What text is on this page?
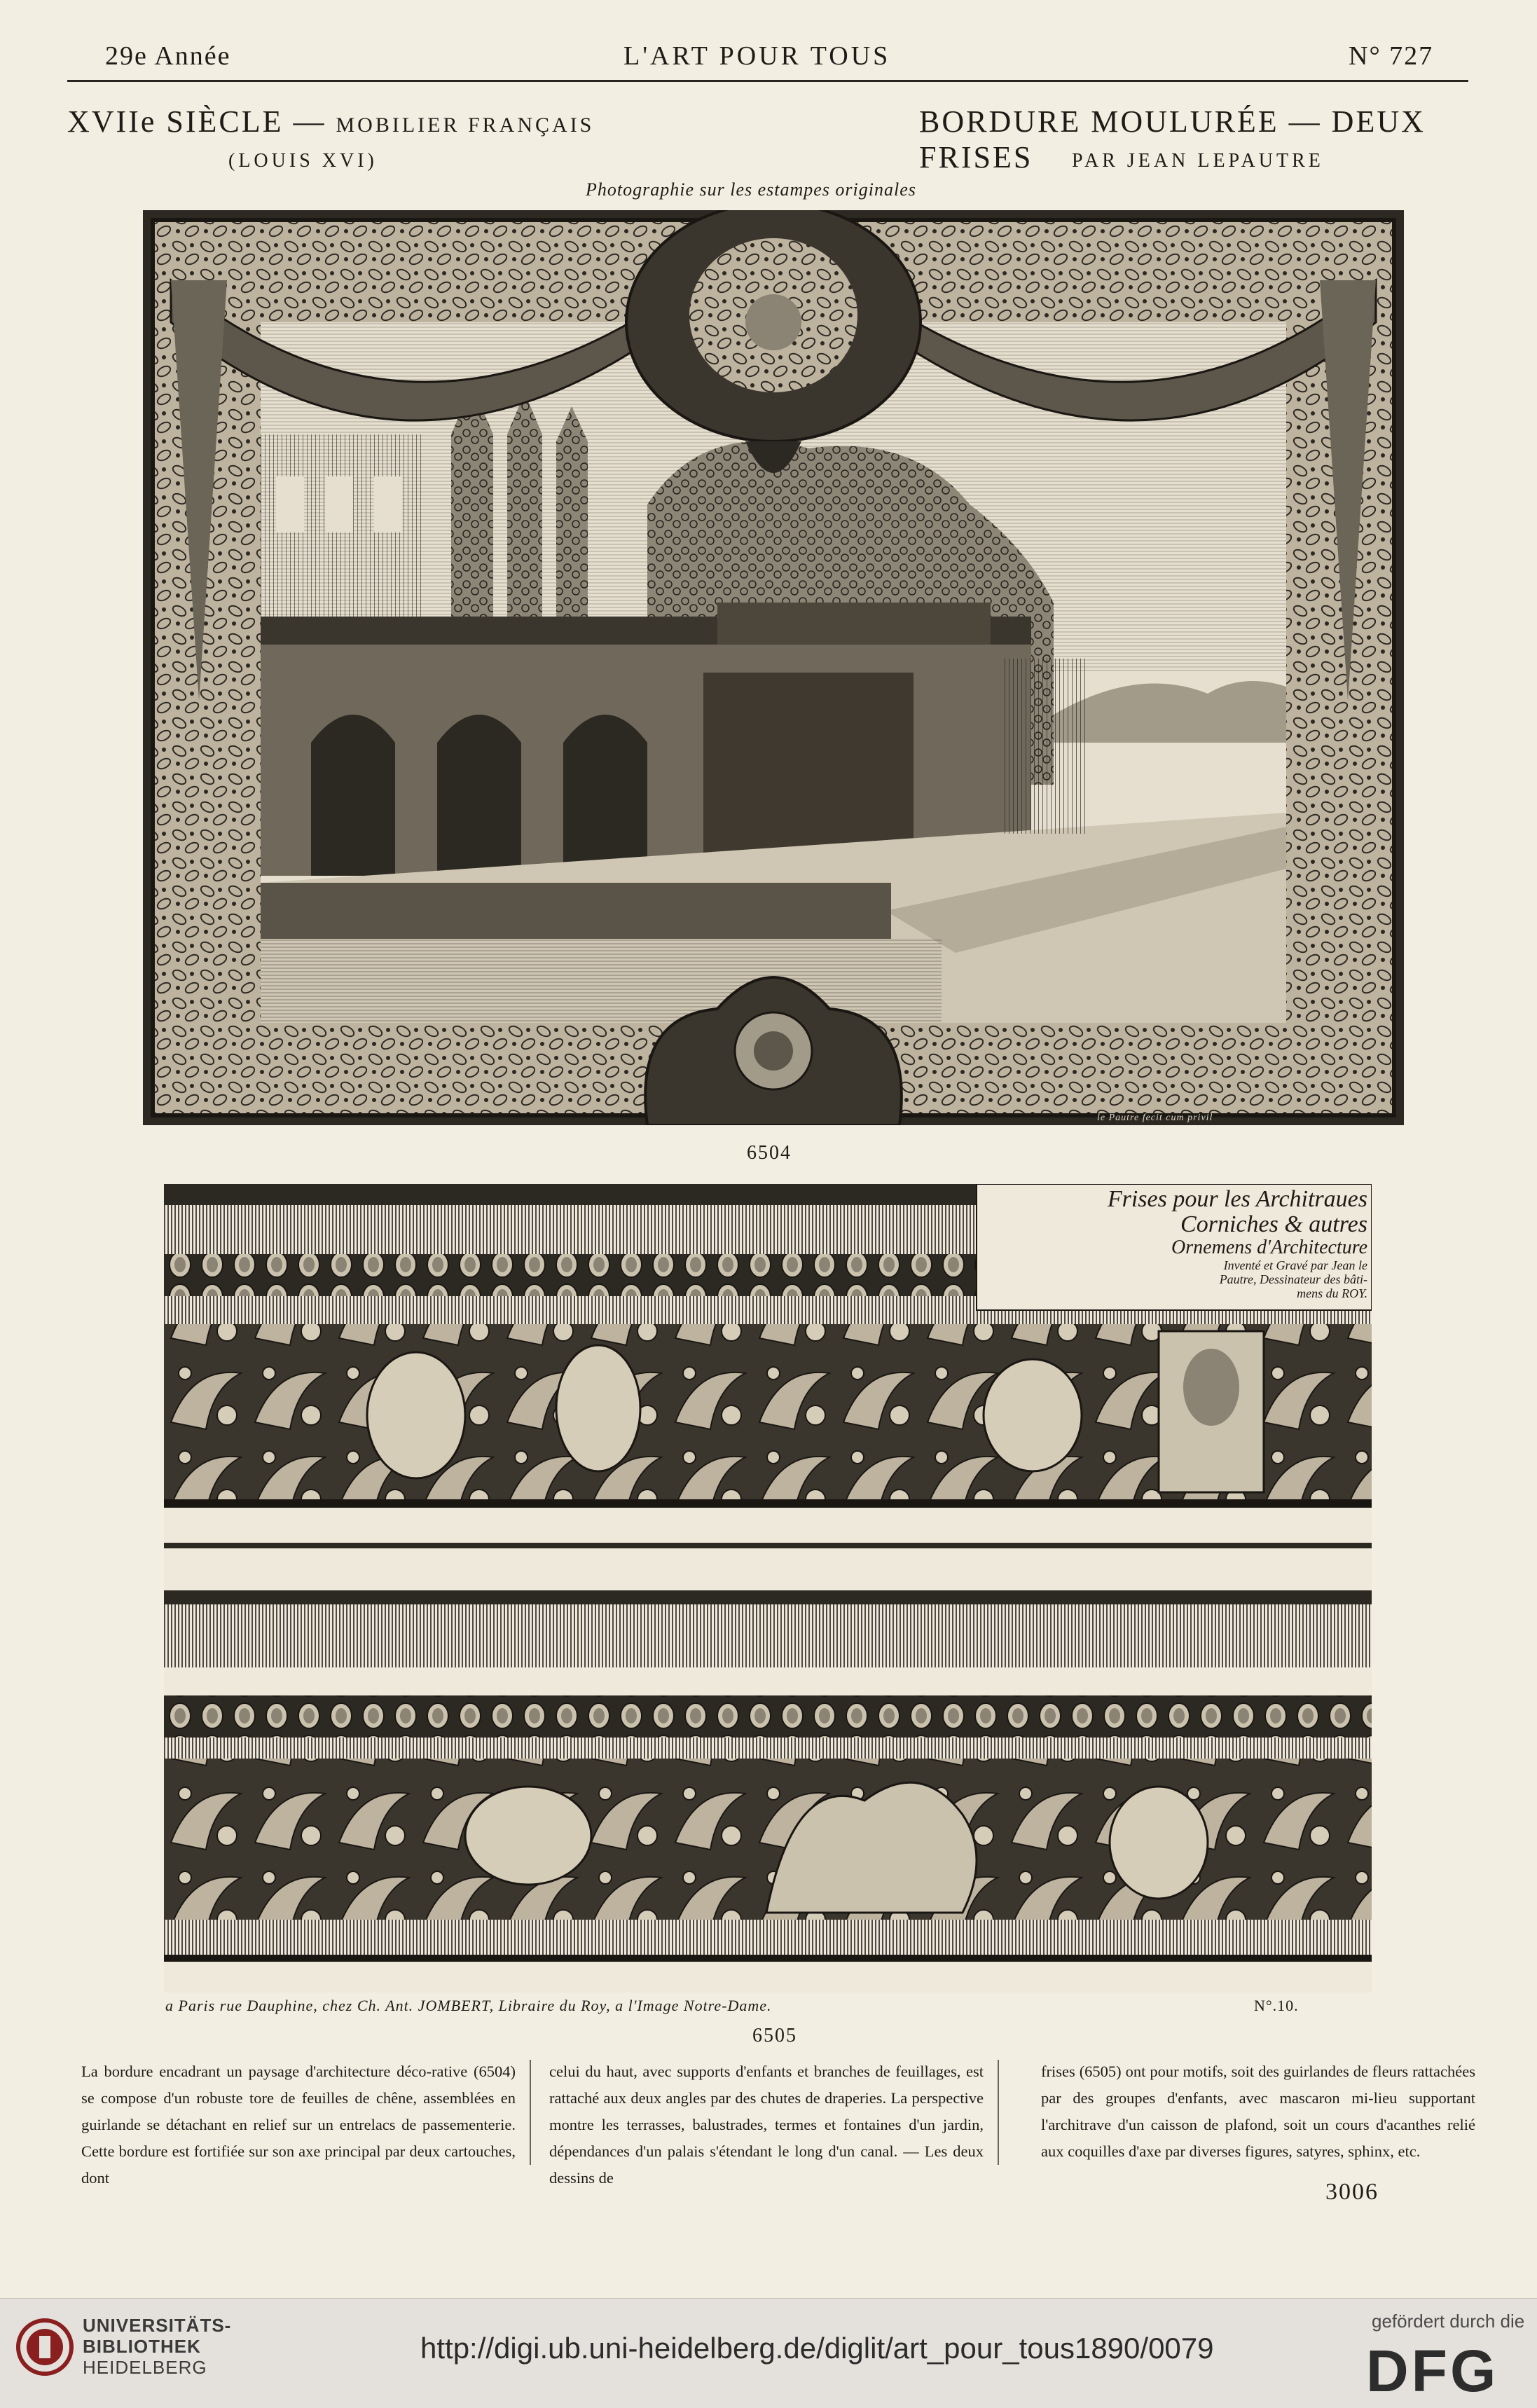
29e Année	L'ART POUR TOUS	N° 727
XVIIe SIÈCLE — MOBILIER FRANÇAIS
(LOUIS XVI)
BORDURE MOULURÉE — DEUX FRISES	PAR JEAN LEPAUTRE
Photographie sur les estampes originales
le Pautre fecit cum privil
6504
Frises pour les Architraues
Corniches & autres
Ornemens d'Architecture
Inventé et Gravé par Jean le
Pautre, Dessinateur des bâti-
mens du ROY.
a Paris rue Dauphine, chez Ch. Ant. JOMBERT, Libraire du Roy, a l'Image Notre-Dame.	N°.10.
6505
La bordure encadrant un paysage d'architecture déco-rative (6504) se compose d'un robuste tore de feuilles de chêne, assemblées en guirlande se détachant en relief sur un entrelacs de passementerie. Cette bordure est fortifiée sur son axe principal par deux cartouches, dont
celui du haut, avec supports d'enfants et branches de feuillages, est rattaché aux deux angles par des chutes de draperies. La perspective montre les terrasses, balustrades, termes et fontaines d'un jardin, dépendances d'un palais s'étendant le long d'un canal. — Les deux dessins de
frises (6505) ont pour motifs, soit des guirlandes de fleurs rattachées par des groupes d'enfants, avec mascaron mi-lieu supportant l'architrave d'un caisson de plafond, soit un cours d'acanthes relié aux coquilles d'axe par diverses figures, satyres, sphinx, etc.
3006
UNIVERSITÄTS-
BIBLIOTHEK
HEIDELBERG
http://digi.ub.uni-heidelberg.de/diglit/art_pour_tous1890/0079
gefördert durch die
DFG
